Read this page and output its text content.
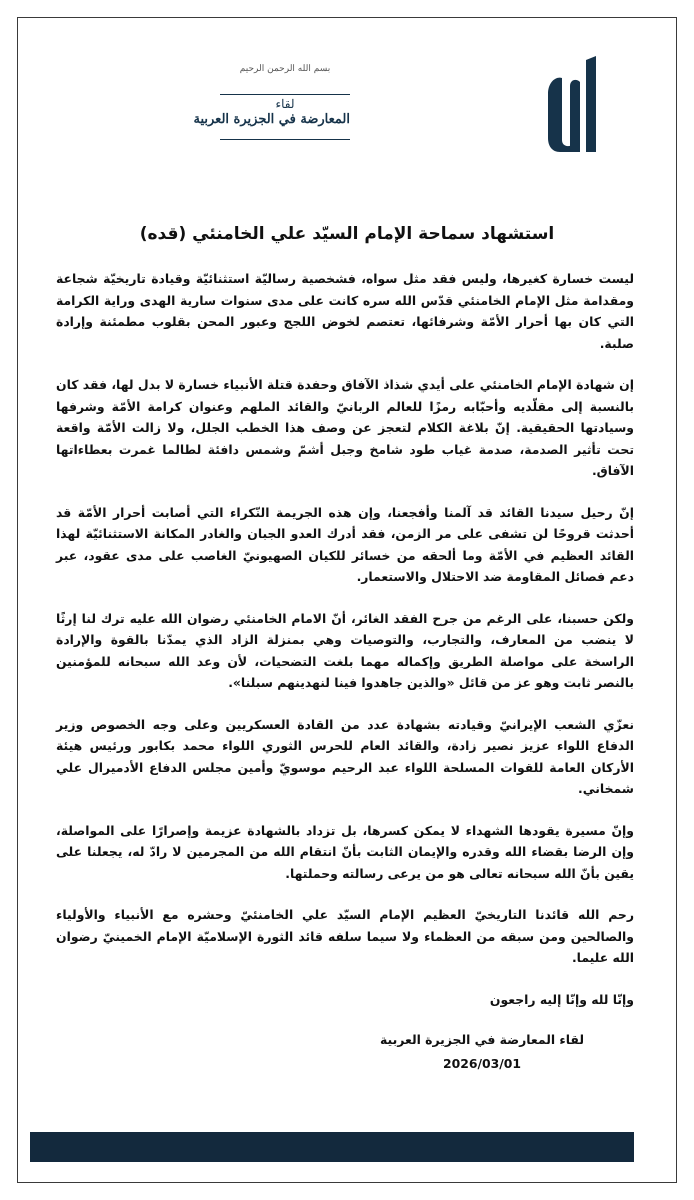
بسم الله الرحمن الرحيم
لقاء
المعارضة في الجزيرة العربية
استشهاد سماحة الإمام السيّد علي الخامنئي (قده)

ليست خسارة كغيرها، وليس فقد مثل سواه، فشخصية رساليّة استثنائيّة وقيادة تاريخيّة شجاعة ومقدامة مثل الإمام الخامنئي قدّس الله سره كانت على مدى سنوات سارية الهدى وراية الكرامة التي كان بها أحرار الأمّة وشرفائها، تعتصم لخوض اللجج وعبور المحن بقلوب مطمئنة وإرادة صلبة.

إن شهادة الإمام الخامنئي على أيدي شذاذ الآفاق وحفدة قتلة الأنبياء خسارة لا بدل لها، فقد كان بالنسبة إلى مقلّديه وأحبّابه رمزًا للعالم الربانيّ والقائد الملهم وعنوان كرامة الأمّة وشرفها وسيادتها الحقيقية. إنّ بلاغة الكلام لتعجز عن وصف هذا الخطب الجلل، ولا زالت الأمّة واقعة تحت تأثير الصدمة، صدمة غياب طود شامخ وجبل أشمّ وشمس دافئة لطالما غمرت بعطاءاتها الآفاق.

إنّ رحيل سيدنا القائد قد آلمنا وأفجعنا، وإن هذه الجريمة النّكراء التي أصابت أحرار الأمّة قد أحدثت قروحًا لن تشفى على مر الزمن، فقد أدرك العدو الجبان والغادر المكانة الاستثنائيّة لهذا القائد العظيم في الأمّة وما ألحقه من خسائر للكيان الصهيونيّ الغاصب على مدى عقود، عبر دعم فصائل المقاومة ضد الاحتلال والاستعمار.

ولكن حسبنا، على الرغم من جرح الفقد الغائر، أنّ الامام الخامنئي رضوان الله عليه ترك لنا إرثًا لا ينضب من المعارف، والتجارب، والتوصيات وهي بمنزلة الزاد الذي يمدّنا بالقوة والإرادة الراسخة على مواصلة الطريق وإكماله مهما بلغت التضحيات، لأن وعد الله سبحانه للمؤمنين بالنصر ثابت وهو عز من قائل «والذين جاهدوا فينا لنهدينهم سبلنا».

نعزّي الشعب الإيرانيّ وقيادته بشهادة عدد من القادة العسكريين وعلى وجه الخصوص وزير الدفاع اللواء عزيز نصير زادة، والقائد العام للحرس الثوري اللواء محمد بكابور ورئيس هيئة الأركان العامة للقوات المسلحة اللواء عبد الرحيم موسويّ وأمين مجلس الدفاع الأدميرال علي شمخاني.

وإنّ مسيرة يقودها الشهداء لا يمكن كسرها، بل تزداد بالشهادة عزيمة وإصرارًا على المواصلة، وإن الرضا بقضاء الله وقدره والإيمان الثابت بأنّ انتقام الله من المجرمين لا رادّ له، يجعلنا على يقين بأنّ الله سبحانه تعالى هو من يرعى رسالته وحملتها.

رحم الله قائدنا التاريخيّ العظيم الإمام السيّد علي الخامنئيّ وحشره مع الأنبياء والأولياء والصالحين ومن سبقه من العظماء ولا سيما سلفه قائد الثورة الإسلاميّة الإمام الخمينيّ رضوان الله عليما.

وإنّا لله وإنّا إليه راجعون
لقاء المعارضة في الجزيرة العربية
2026/03/01
